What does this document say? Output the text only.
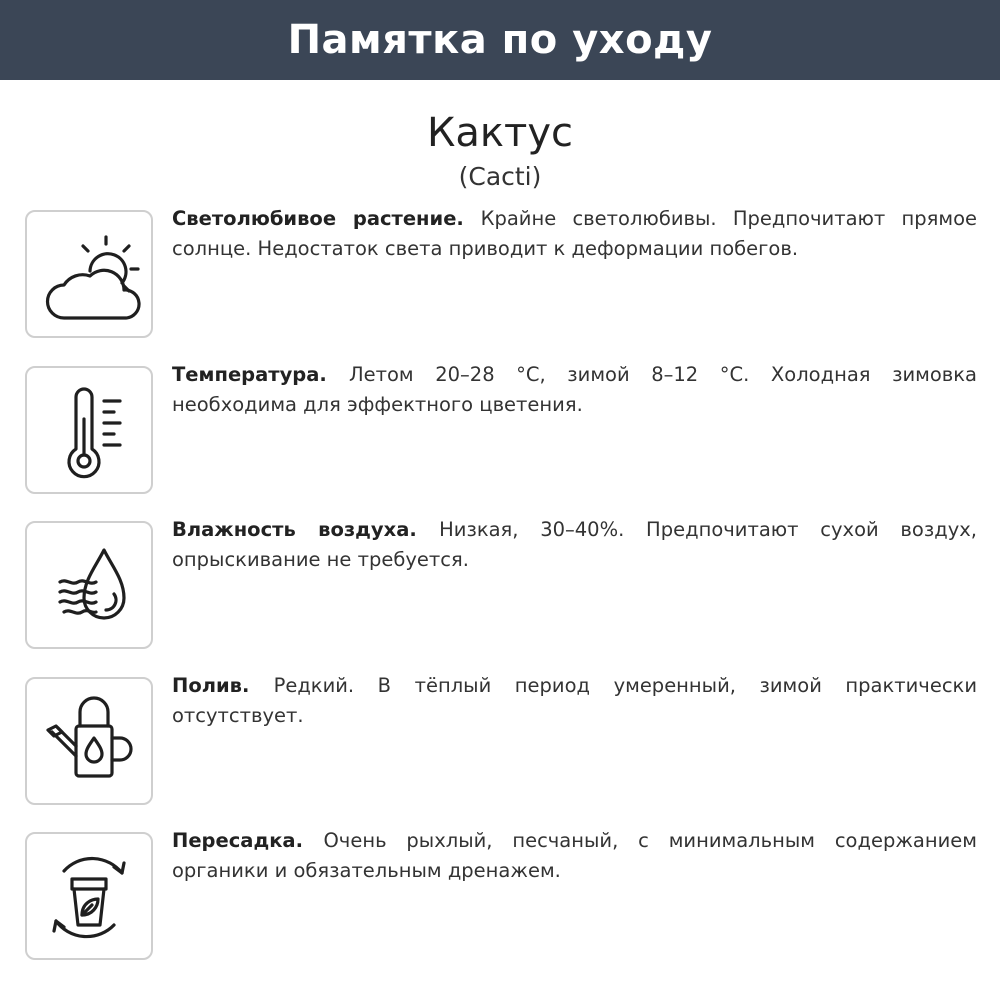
Памятка по уходу
Кактус
(Cacti)
Светолюбивое растение. Крайне светолюбивы. Предпочитают прямое солнце. Недостаток света приводит к деформации побегов.
Температура. Летом 20–28 °C, зимой 8–12 °C. Холодная зимовка необходима для эффектного цветения.
Влажность воздуха. Низкая, 30–40%. Предпочитают сухой воздух, опрыскивание не требуется.
Полив. Редкий. В тёплый период умеренный, зимой практически отсутствует.
Пересадка. Очень рыхлый, песчаный, с минимальным содержанием органики и обязательным дренажем.
